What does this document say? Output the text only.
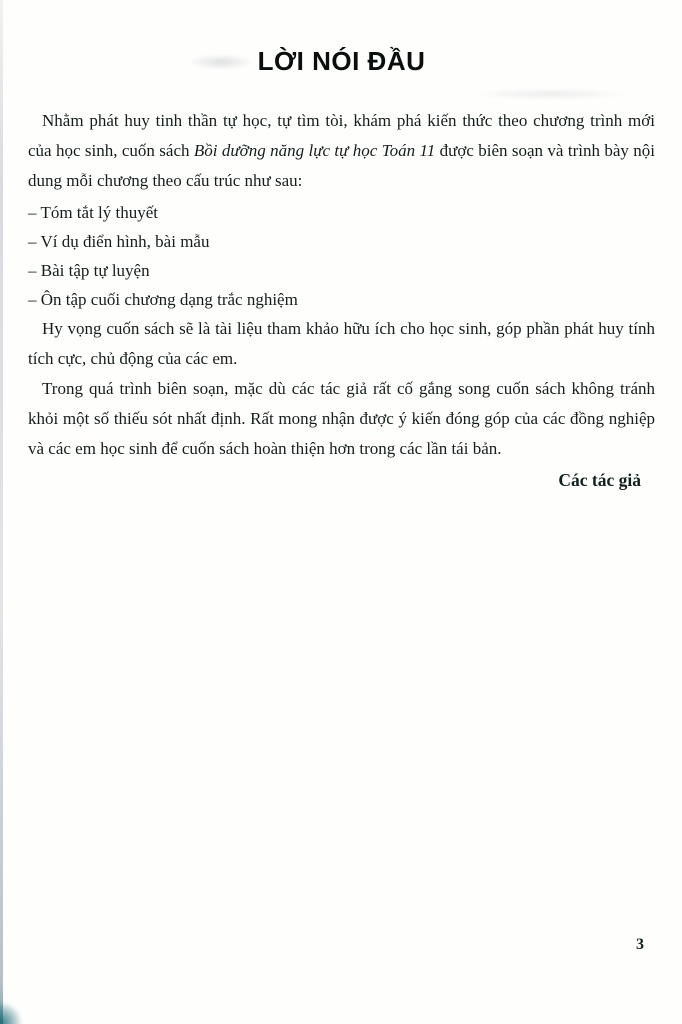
LỜI NÓI ĐẦU

Nhằm phát huy tinh thần tự học, tự tìm tòi, khám phá kiến thức theo chương trình mới của học sinh, cuốn sách Bồi dưỡng năng lực tự học Toán 11 được biên soạn và trình bày nội dung mỗi chương theo cấu trúc như sau:

– Tóm tắt lý thuyết
– Ví dụ điển hình, bài mẫu
– Bài tập tự luyện
– Ôn tập cuối chương dạng trắc nghiệm

Hy vọng cuốn sách sẽ là tài liệu tham khảo hữu ích cho học sinh, góp phần phát huy tính tích cực, chủ động của các em.

Trong quá trình biên soạn, mặc dù các tác giả rất cố gắng song cuốn sách không tránh khỏi một số thiếu sót nhất định. Rất mong nhận được ý kiến đóng góp của các đồng nghiệp và các em học sinh để cuốn sách hoàn thiện hơn trong các lần tái bản.

Các tác giả
3
